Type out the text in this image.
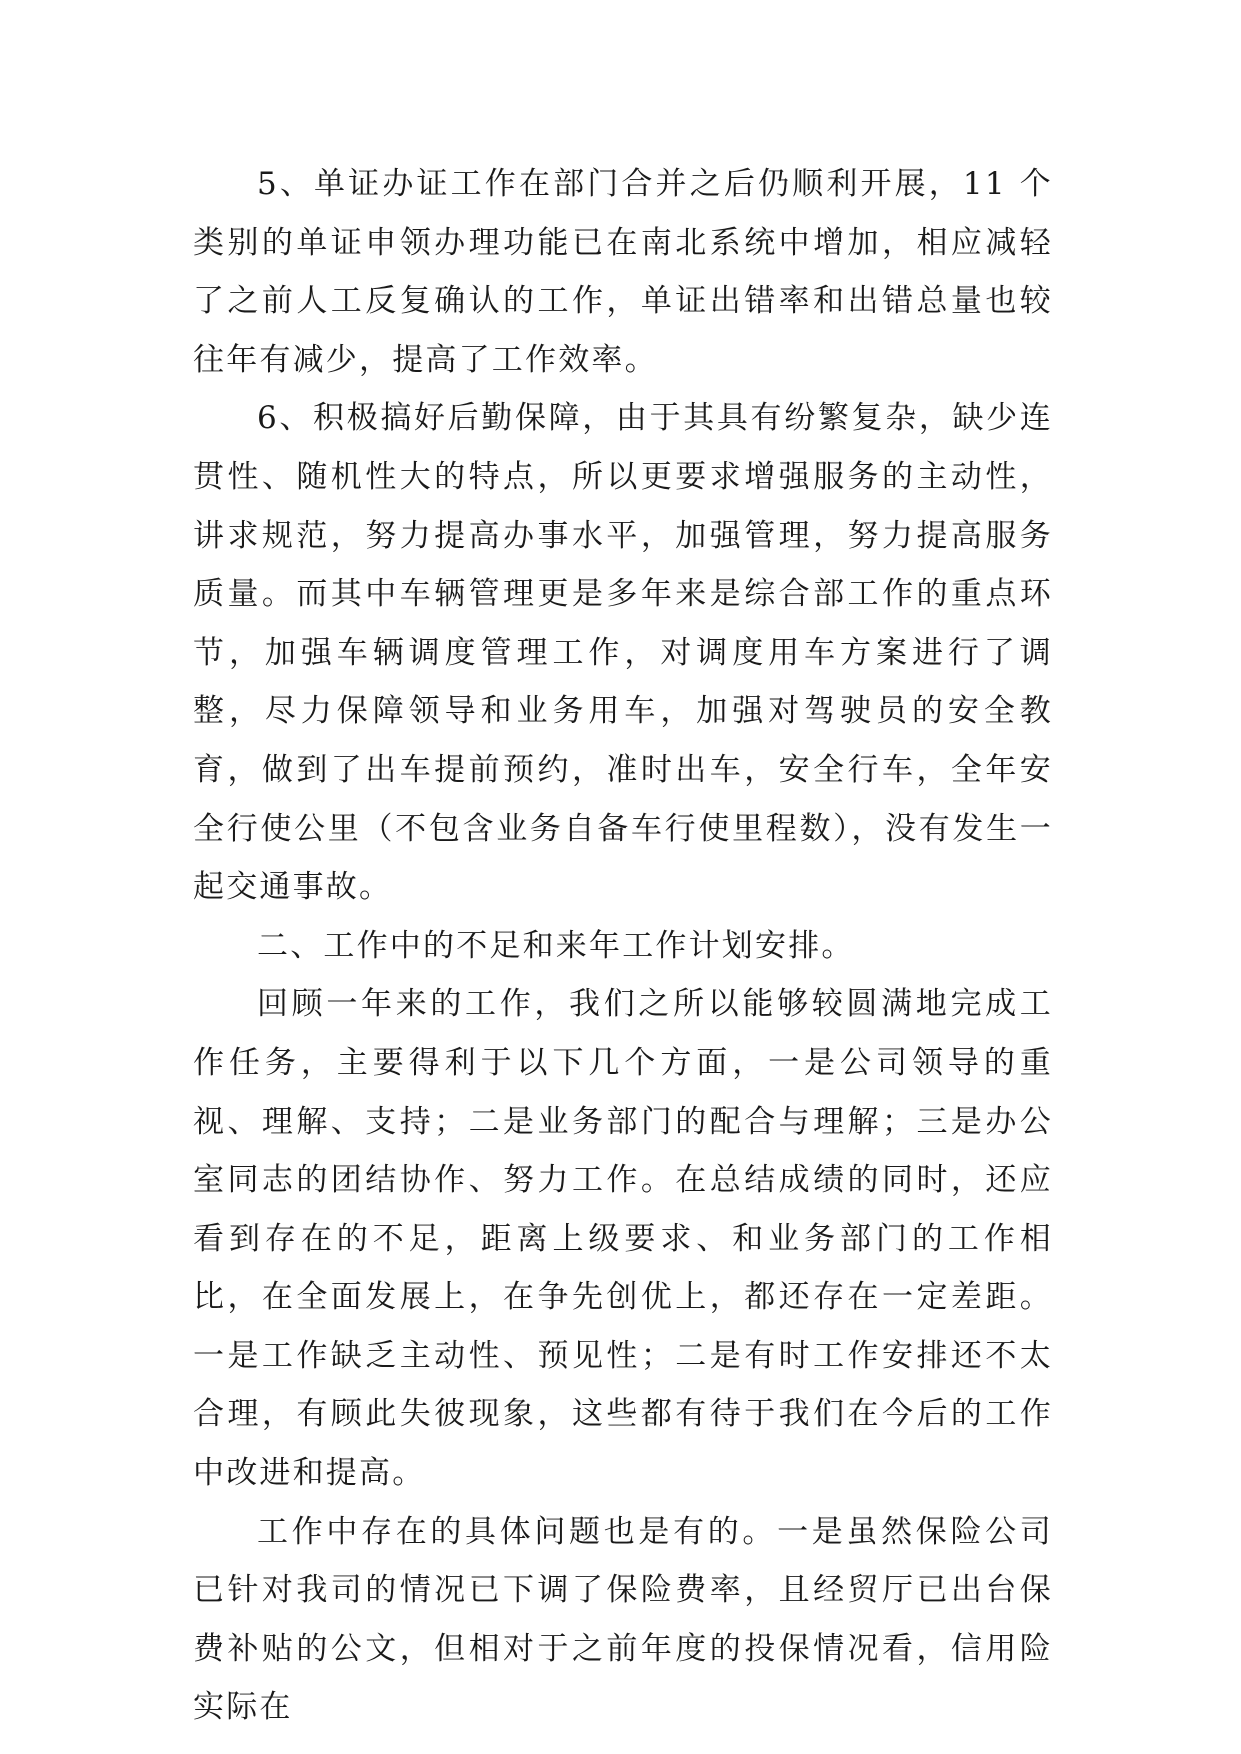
5、单证办证工作在部门合并之后仍顺利开展，11 个类别的单证申领办理功能已在南北系统中增加，相应减轻了之前人工反复确认的工作，单证出错率和出错总量也较往年有减少，提高了工作效率。

6、积极搞好后勤保障，由于其具有纷繁复杂，缺少连贯性、随机性大的特点，所以更要求增强服务的主动性，讲求规范，努力提高办事水平，加强管理，努力提高服务质量。而其中车辆管理更是多年来是综合部工作的重点环节，加强车辆调度管理工作，对调度用车方案进行了调整，尽力保障领导和业务用车，加强对驾驶员的安全教育，做到了出车提前预约，准时出车，安全行车，全年安全行使公里（不包含业务自备车行使里程数），没有发生一起交通事故。

二、工作中的不足和来年工作计划安排。

回顾一年来的工作，我们之所以能够较圆满地完成工作任务，主要得利于以下几个方面，一是公司领导的重视、理解、支持；二是业务部门的配合与理解；三是办公室同志的团结协作、努力工作。在总结成绩的同时，还应看到存在的不足，距离上级要求、和业务部门的工作相比，在全面发展上，在争先创优上，都还存在一定差距。一是工作缺乏主动性、预见性；二是有时工作安排还不太合理，有顾此失彼现象，这些都有待于我们在今后的工作中改进和提高。

工作中存在的具体问题也是有的。一是虽然保险公司已针对我司的情况已下调了保险费率，且经贸厅已出台保费补贴的公文，但相对于之前年度的投保情况看，信用险实际在
